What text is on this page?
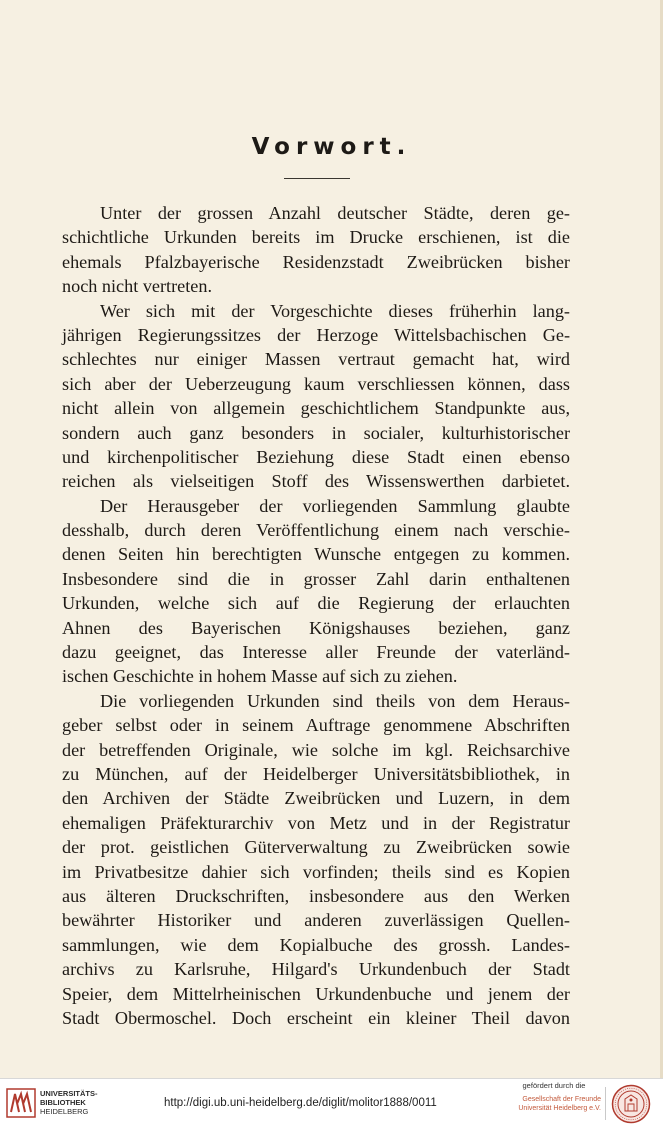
Vorwort.
Unter der grossen Anzahl deutscher Städte, deren ge-
schichtliche Urkunden bereits im Drucke erschienen, ist die
ehemals Pfalzbayerische Residenzstadt Zweibrücken bisher
noch nicht vertreten.
Wer sich mit der Vorgeschichte dieses früherhin lang-
jährigen Regierungssitzes der Herzoge Wittelsbachischen Ge-
schlechtes nur einiger Massen vertraut gemacht hat, wird
sich aber der Ueberzeugung kaum verschliessen können, dass
nicht allein von allgemein geschichtlichem Standpunkte aus,
sondern auch ganz besonders in socialer, kulturhistorischer
und kirchenpolitischer Beziehung diese Stadt einen ebenso
reichen als vielseitigen Stoff des Wissenswerthen darbietet.
Der Herausgeber der vorliegenden Sammlung glaubte
desshalb, durch deren Veröffentlichung einem nach verschie-
denen Seiten hin berechtigten Wunsche entgegen zu kommen.
Insbesondere sind die in grosser Zahl darin enthaltenen
Urkunden, welche sich auf die Regierung der erlauchten
Ahnen des Bayerischen Königshauses beziehen, ganz
dazu geeignet, das Interesse aller Freunde der vaterländ-
ischen Geschichte in hohem Masse auf sich zu ziehen.
Die vorliegenden Urkunden sind theils von dem Heraus-
geber selbst oder in seinem Auftrage genommene Abschriften
der betreffenden Originale, wie solche im kgl. Reichsarchive
zu München, auf der Heidelberger Universitätsbibliothek, in
den Archiven der Städte Zweibrücken und Luzern, in dem
ehemaligen Präfekturarchiv von Metz und in der Registratur
der prot. geistlichen Güterverwaltung zu Zweibrücken sowie
im Privatbesitze dahier sich vorfinden; theils sind es Kopien
aus älteren Druckschriften, insbesondere aus den Werken
bewährter Historiker und anderen zuverlässigen Quellen-
sammlungen, wie dem Kopialbuche des grossh. Landes-
archivs zu Karlsruhe, Hilgard's Urkundenbuch der Stadt
Speier, dem Mittelrheinischen Urkundenbuche und jenem der
Stadt Obermoschel. Doch erscheint ein kleiner Theil davon
UNIVERSITÄTS-
BIBLIOTHEK
HEIDELBERG
http://digi.ub.uni-heidelberg.de/diglit/molitor1888/0011
gefördert durch die
Gesellschaft der Freunde
Universität Heidelberg e.V.
